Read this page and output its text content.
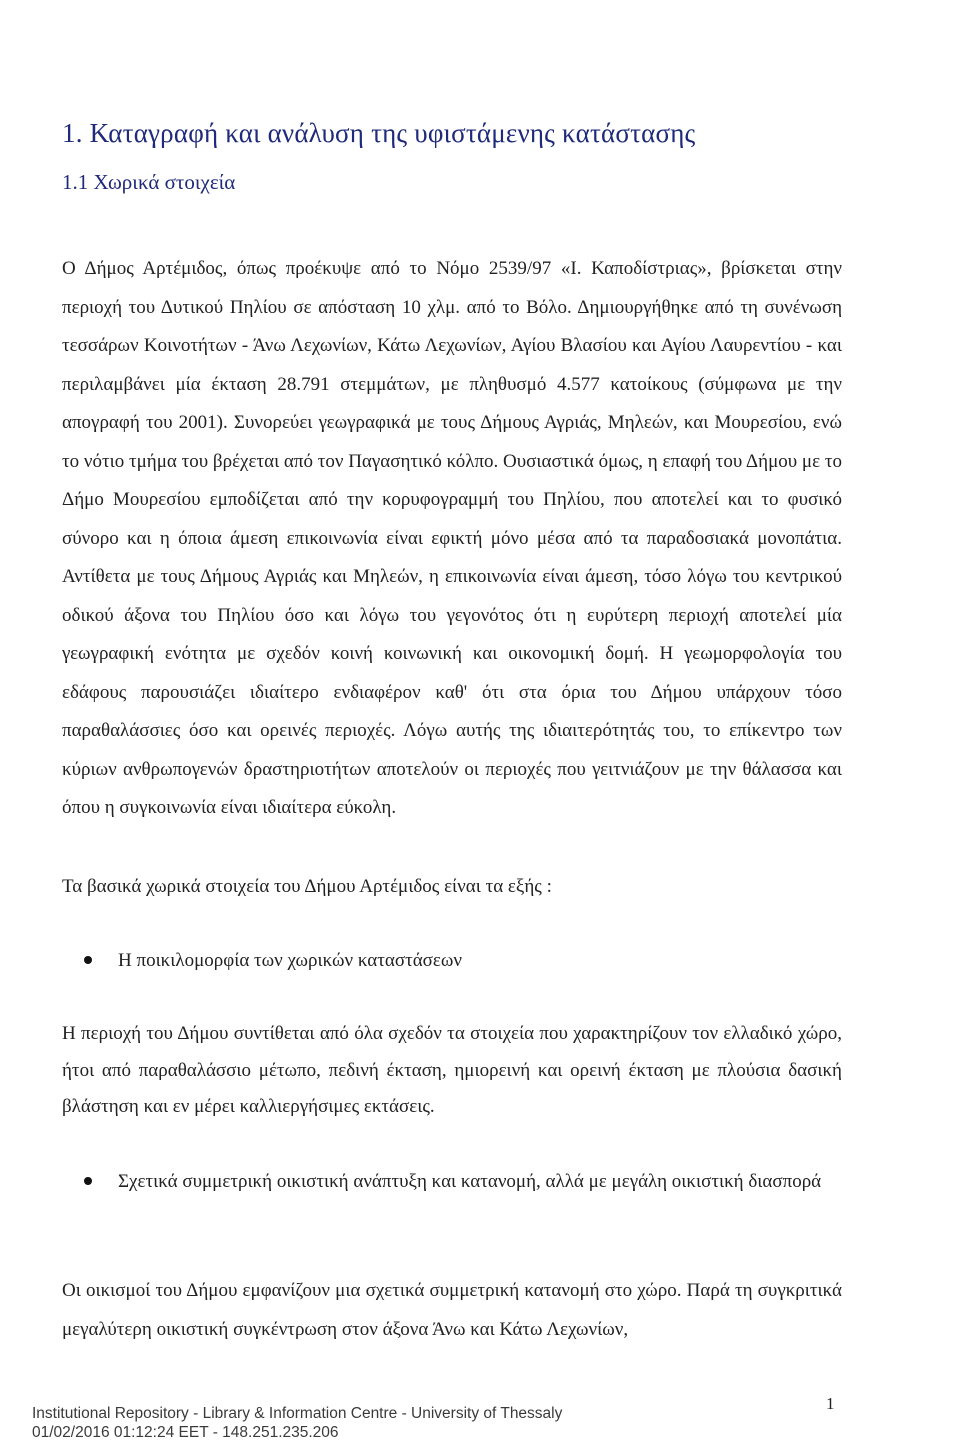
1. Καταγραφή και ανάλυση της υφιστάμενης κατάστασης
1.1 Χωρικά στοιχεία

Ο Δήμος Αρτέμιδος, όπως προέκυψε από το Νόμο 2539/97 «Ι. Καποδίστριας», βρίσκεται στην περιοχή του Δυτικού Πηλίου σε απόσταση 10 χλμ. από το Βόλο. Δημιουργήθηκε από τη συνένωση τεσσάρων Κοινοτήτων - Άνω Λεχωνίων, Κάτω Λεχωνίων, Αγίου Βλασίου και Αγίου Λαυρεντίου - και περιλαμβάνει μία έκταση 28.791 στεμμάτων, με πληθυσμό 4.577 κατοίκους (σύμφωνα με την απογραφή του 2001). Συνορεύει γεωγραφικά με τους Δήμους Αγριάς, Μηλεών, και Μουρεσίου, ενώ το νότιο τμήμα του βρέχεται από τον Παγασητικό κόλπο. Ουσιαστικά όμως, η επαφή του Δήμου με το Δήμο Μουρεσίου εμποδίζεται από την κορυφογραμμή του Πηλίου, που αποτελεί και το φυσικό σύνορο και η όποια άμεση επικοινωνία είναι εφικτή μόνο μέσα από τα παραδοσιακά μονοπάτια. Αντίθετα με τους Δήμους Αγριάς και Μηλεών, η επικοινωνία είναι άμεση, τόσο λόγω του κεντρικού οδικού άξονα του Πηλίου όσο και λόγω του γεγονότος ότι η ευρύτερη περιοχή αποτελεί μία γεωγραφική ενότητα με σχεδόν κοινή κοινωνική και οικονομική δομή. Η γεωμορφολογία του εδάφους παρουσιάζει ιδιαίτερο ενδιαφέρον καθ' ότι στα όρια του Δήμου υπάρχουν τόσο παραθαλάσσιες όσο και ορεινές περιοχές. Λόγω αυτής της ιδιαιτερότητάς του, το επίκεντρο των κύριων ανθρωπογενών δραστηριοτήτων αποτελούν οι περιοχές που γειτνιάζουν με την θάλασσα και όπου η συγκοινωνία είναι ιδιαίτερα εύκολη.

Τα βασικά χωρικά στοιχεία του Δήμου Αρτέμιδος είναι τα εξής :

Η ποικιλομορφία των χωρικών καταστάσεων

Η περιοχή του Δήμου συντίθεται από όλα σχεδόν τα στοιχεία που χαρακτηρίζουν τον ελλαδικό χώρο, ήτοι από παραθαλάσσιο μέτωπο, πεδινή έκταση, ημιορεινή και ορεινή έκταση με πλούσια δασική βλάστηση και εν μέρει καλλιεργήσιμες εκτάσεις.

Σχετικά συμμετρική οικιστική ανάπτυξη και κατανομή, αλλά με μεγάλη οικιστική διασπορά

Οι οικισμοί του Δήμου εμφανίζουν μια σχετικά συμμετρική κατανομή στο χώρο. Παρά τη συγκριτικά μεγαλύτερη οικιστική συγκέντρωση στον άξονα Άνω και Κάτω Λεχωνίων,

Institutional Repository - Library & Information Centre - University of Thessaly
01/02/2016 01:12:24 EET - 148.251.235.206
1
